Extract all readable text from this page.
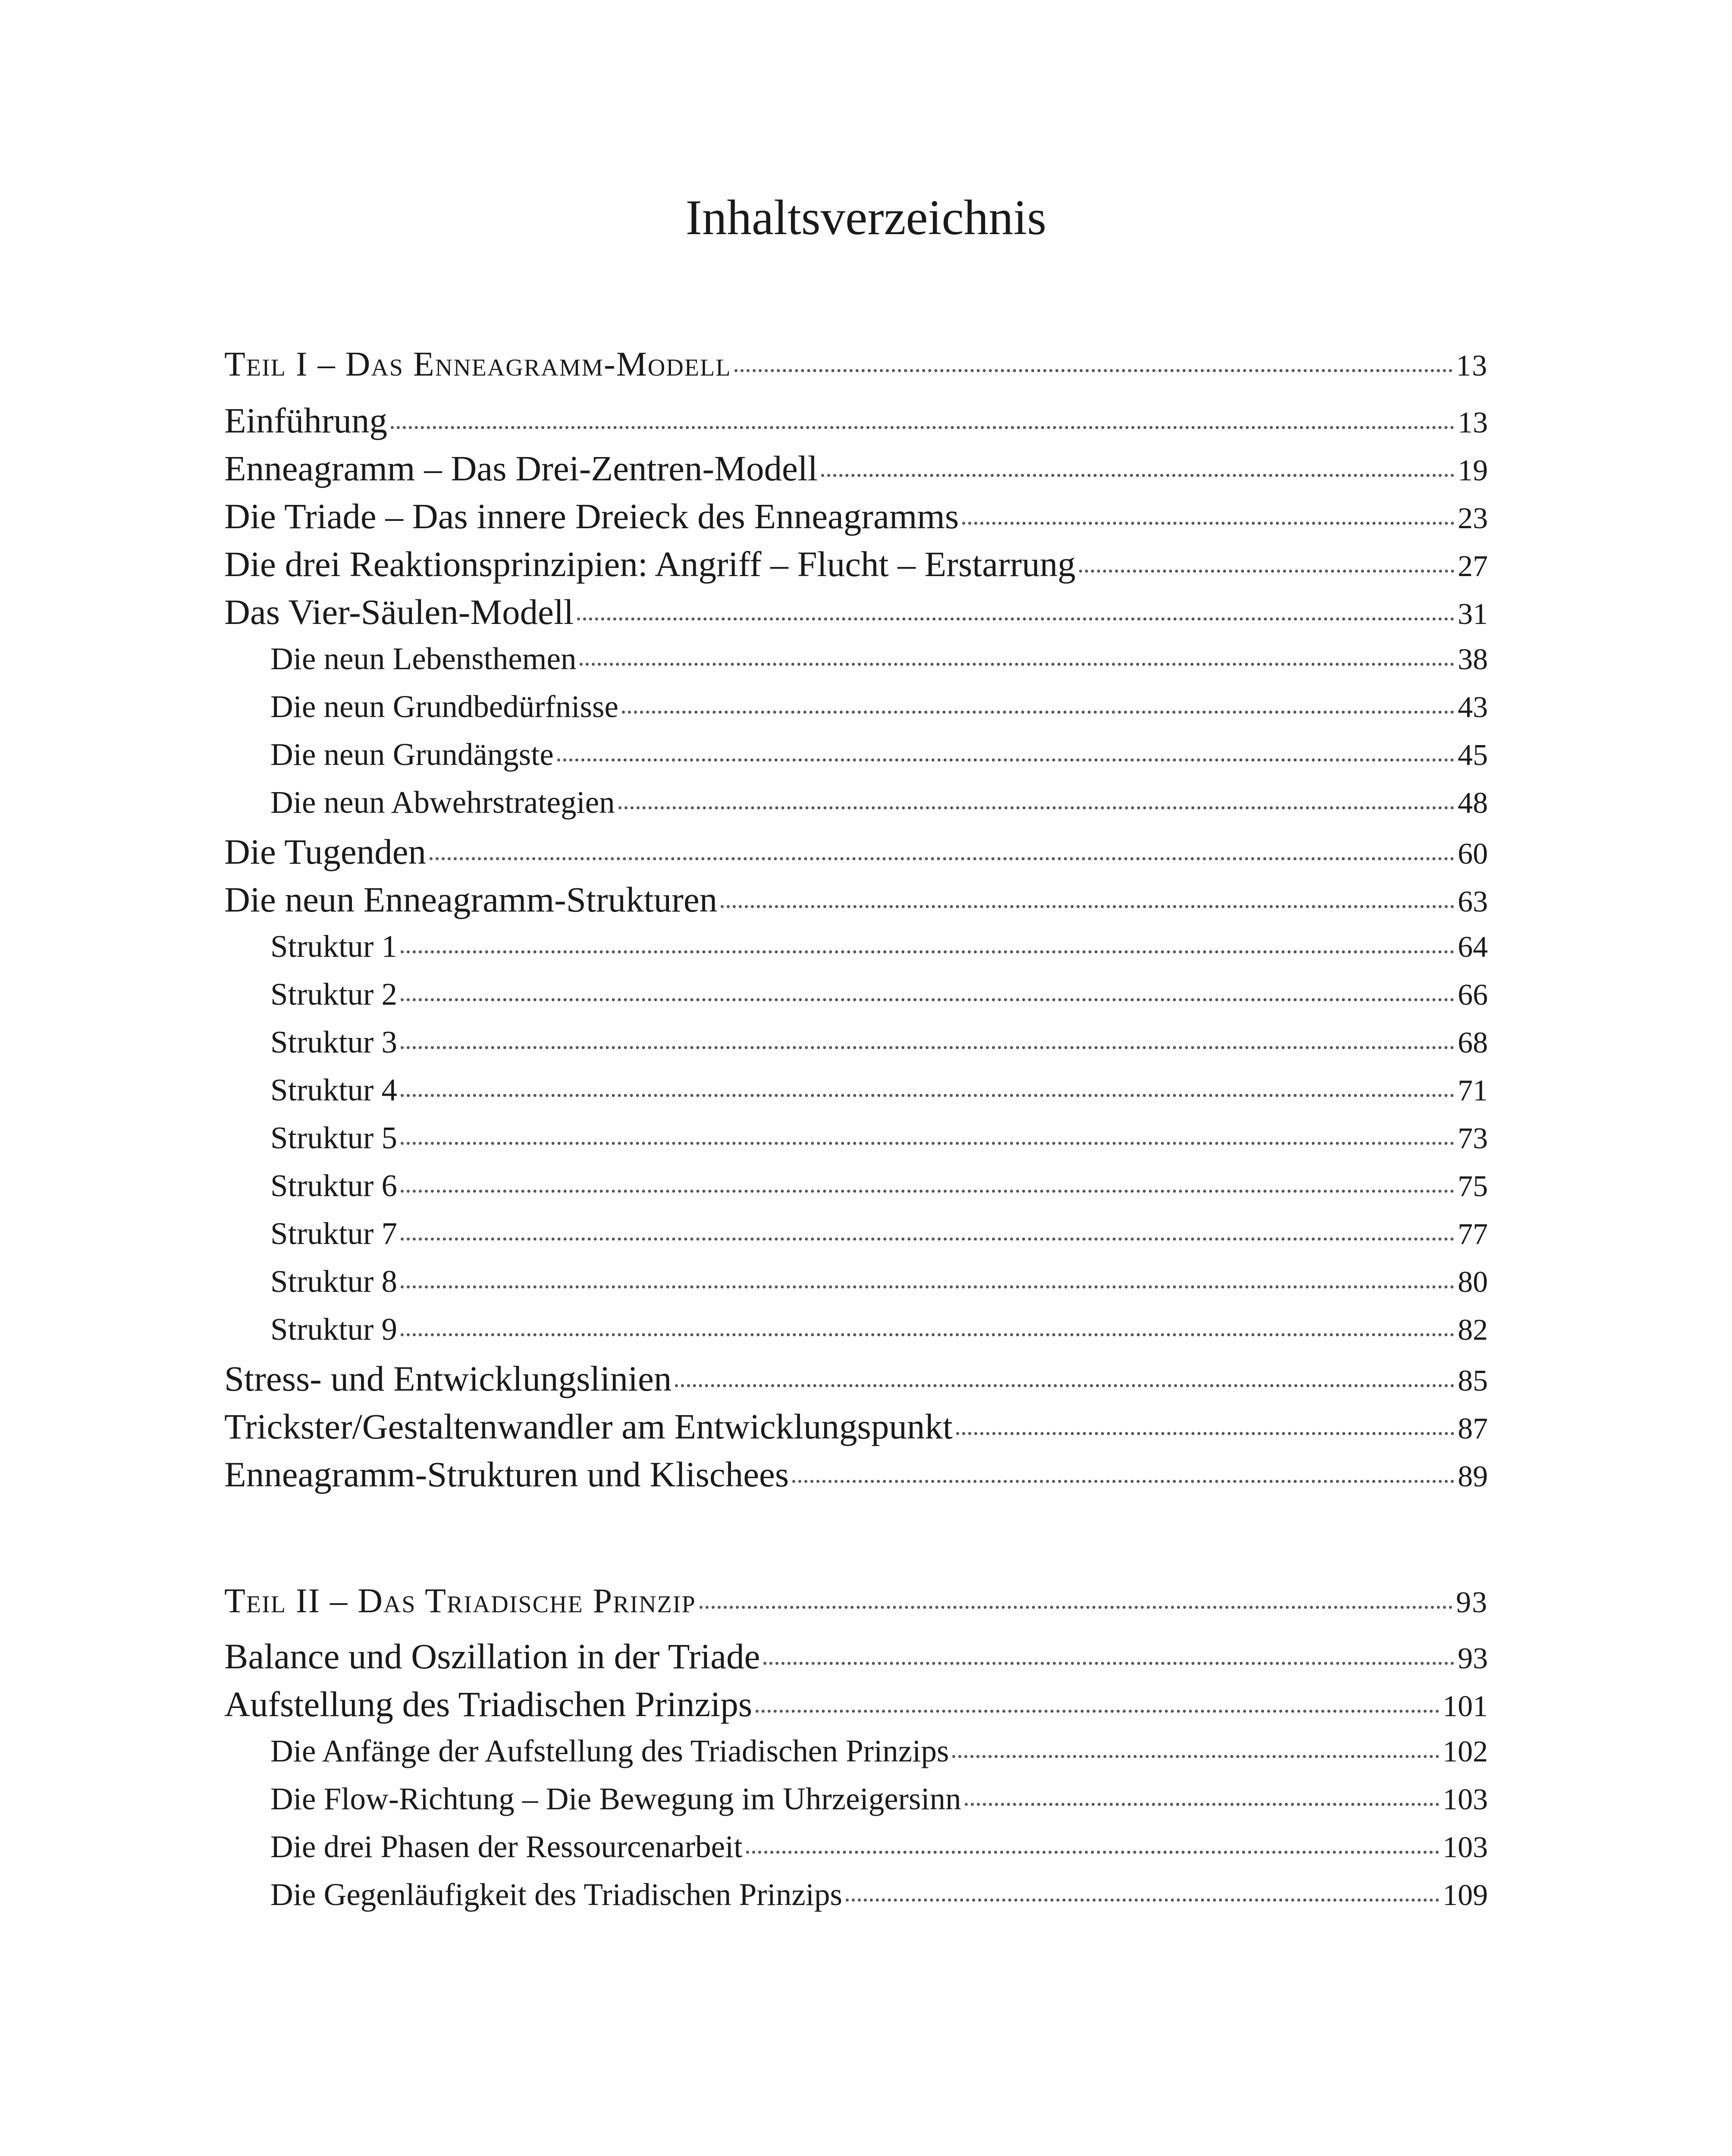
Inhaltsverzeichnis
Teil I – Das Enneagramm-Modell	13
Einführung	13
Enneagramm – Das Drei-Zentren-Modell	19
Die Triade – Das innere Dreieck des Enneagramms	23
Die drei Reaktionsprinzipien: Angriff – Flucht – Erstarrung	27
Das Vier-Säulen-Modell	31
Die neun Lebensthemen	38
Die neun Grundbedürfnisse	43
Die neun Grundängste	45
Die neun Abwehrstrategien	48
Die Tugenden	60
Die neun Enneagramm-Strukturen	63
Struktur 1	64
Struktur 2	66
Struktur 3	68
Struktur 4	71
Struktur 5	73
Struktur 6	75
Struktur 7	77
Struktur 8	80
Struktur 9	82
Stress- und Entwicklungslinien	85
Trickster/Gestaltenwandler am Entwicklungspunkt	87
Enneagramm-Strukturen und Klischees	89
Teil II – Das Triadische Prinzip	93
Balance und Oszillation in der Triade	93
Aufstellung des Triadischen Prinzips	101
Die Anfänge der Aufstellung des Triadischen Prinzips	102
Die Flow-Richtung – Die Bewegung im Uhrzeigersinn	103
Die drei Phasen der Ressourcenarbeit	103
Die Gegenläufigkeit des Triadischen Prinzips	109
